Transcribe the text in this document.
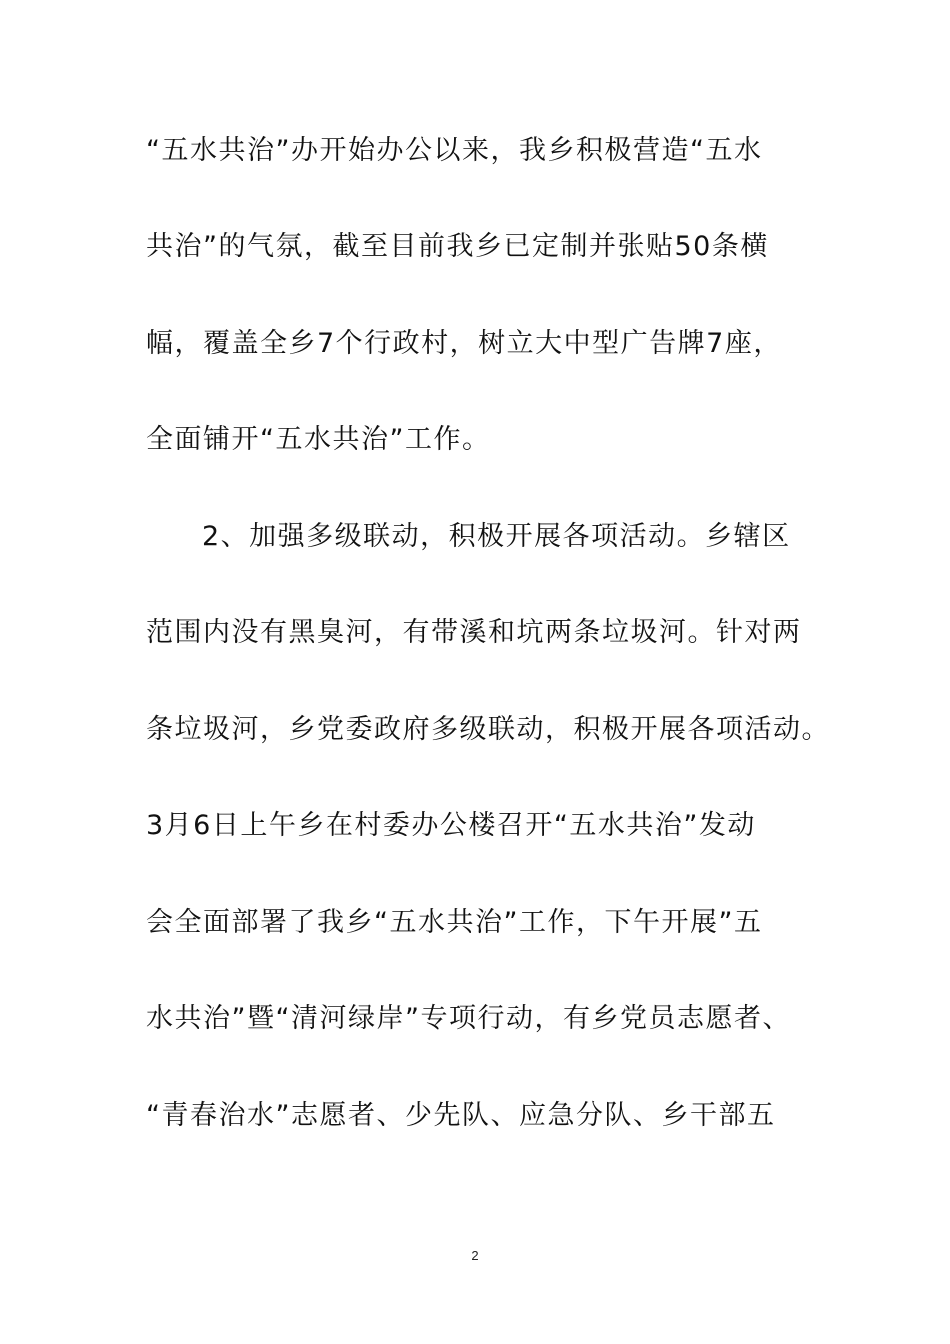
“五水共治”办开始办公以来，我乡积极营造“五水
共治”的气氛，截至目前我乡已定制并张贴50条横
幅，覆盖全乡7个行政村，树立大中型广告牌7座，
全面铺开“五水共治”工作。
2、加强多级联动，积极开展各项活动。乡辖区
范围内没有黑臭河，有带溪和坑两条垃圾河。针对两
条垃圾河，乡党委政府多级联动，积极开展各项活动。
3月6日上午乡在村委办公楼召开“五水共治”发动
会全面部署了我乡“五水共治”工作，下午开展”五
水共治”暨“清河绿岸”专项行动，有乡党员志愿者、
“青春治水”志愿者、少先队、应急分队、乡干部五
2
